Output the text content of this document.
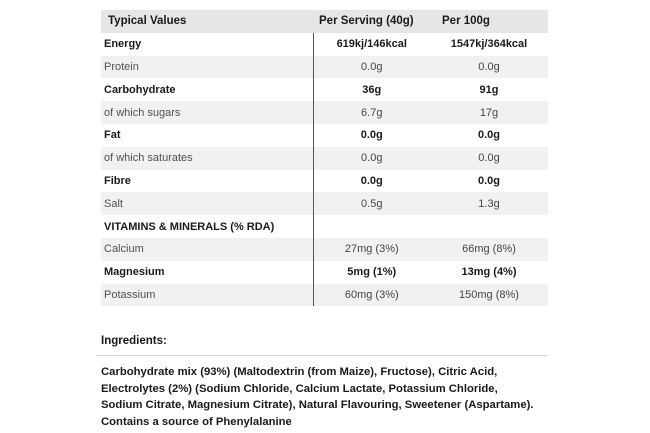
Typical Values	Per Serving (40g)	Per 100g
Energy	619kj/146kcal	1547kj/364kcal
Protein	0.0g	0.0g
Carbohydrate	36g	91g
of which sugars	6.7g	17g
Fat	0.0g	0.0g
of which saturates	0.0g	0.0g
Fibre	0.0g	0.0g
Salt	0.5g	1.3g
VITAMINS & MINERALS (% RDA)		
Calcium	27mg (3%)	66mg (8%)
Magnesium	5mg (1%)	13mg (4%)
Potassium	60mg (3%)	150mg (8%)
Ingredients:
Carbohydrate mix (93%) (Maltodextrin (from Maize), Fructose), Citric Acid, Electrolytes (2%) (Sodium Chloride, Calcium Lactate, Potassium Chloride, Sodium Citrate, Magnesium Citrate), Natural Flavouring, Sweetener (Aspartame). Contains a source of Phenylalanine
